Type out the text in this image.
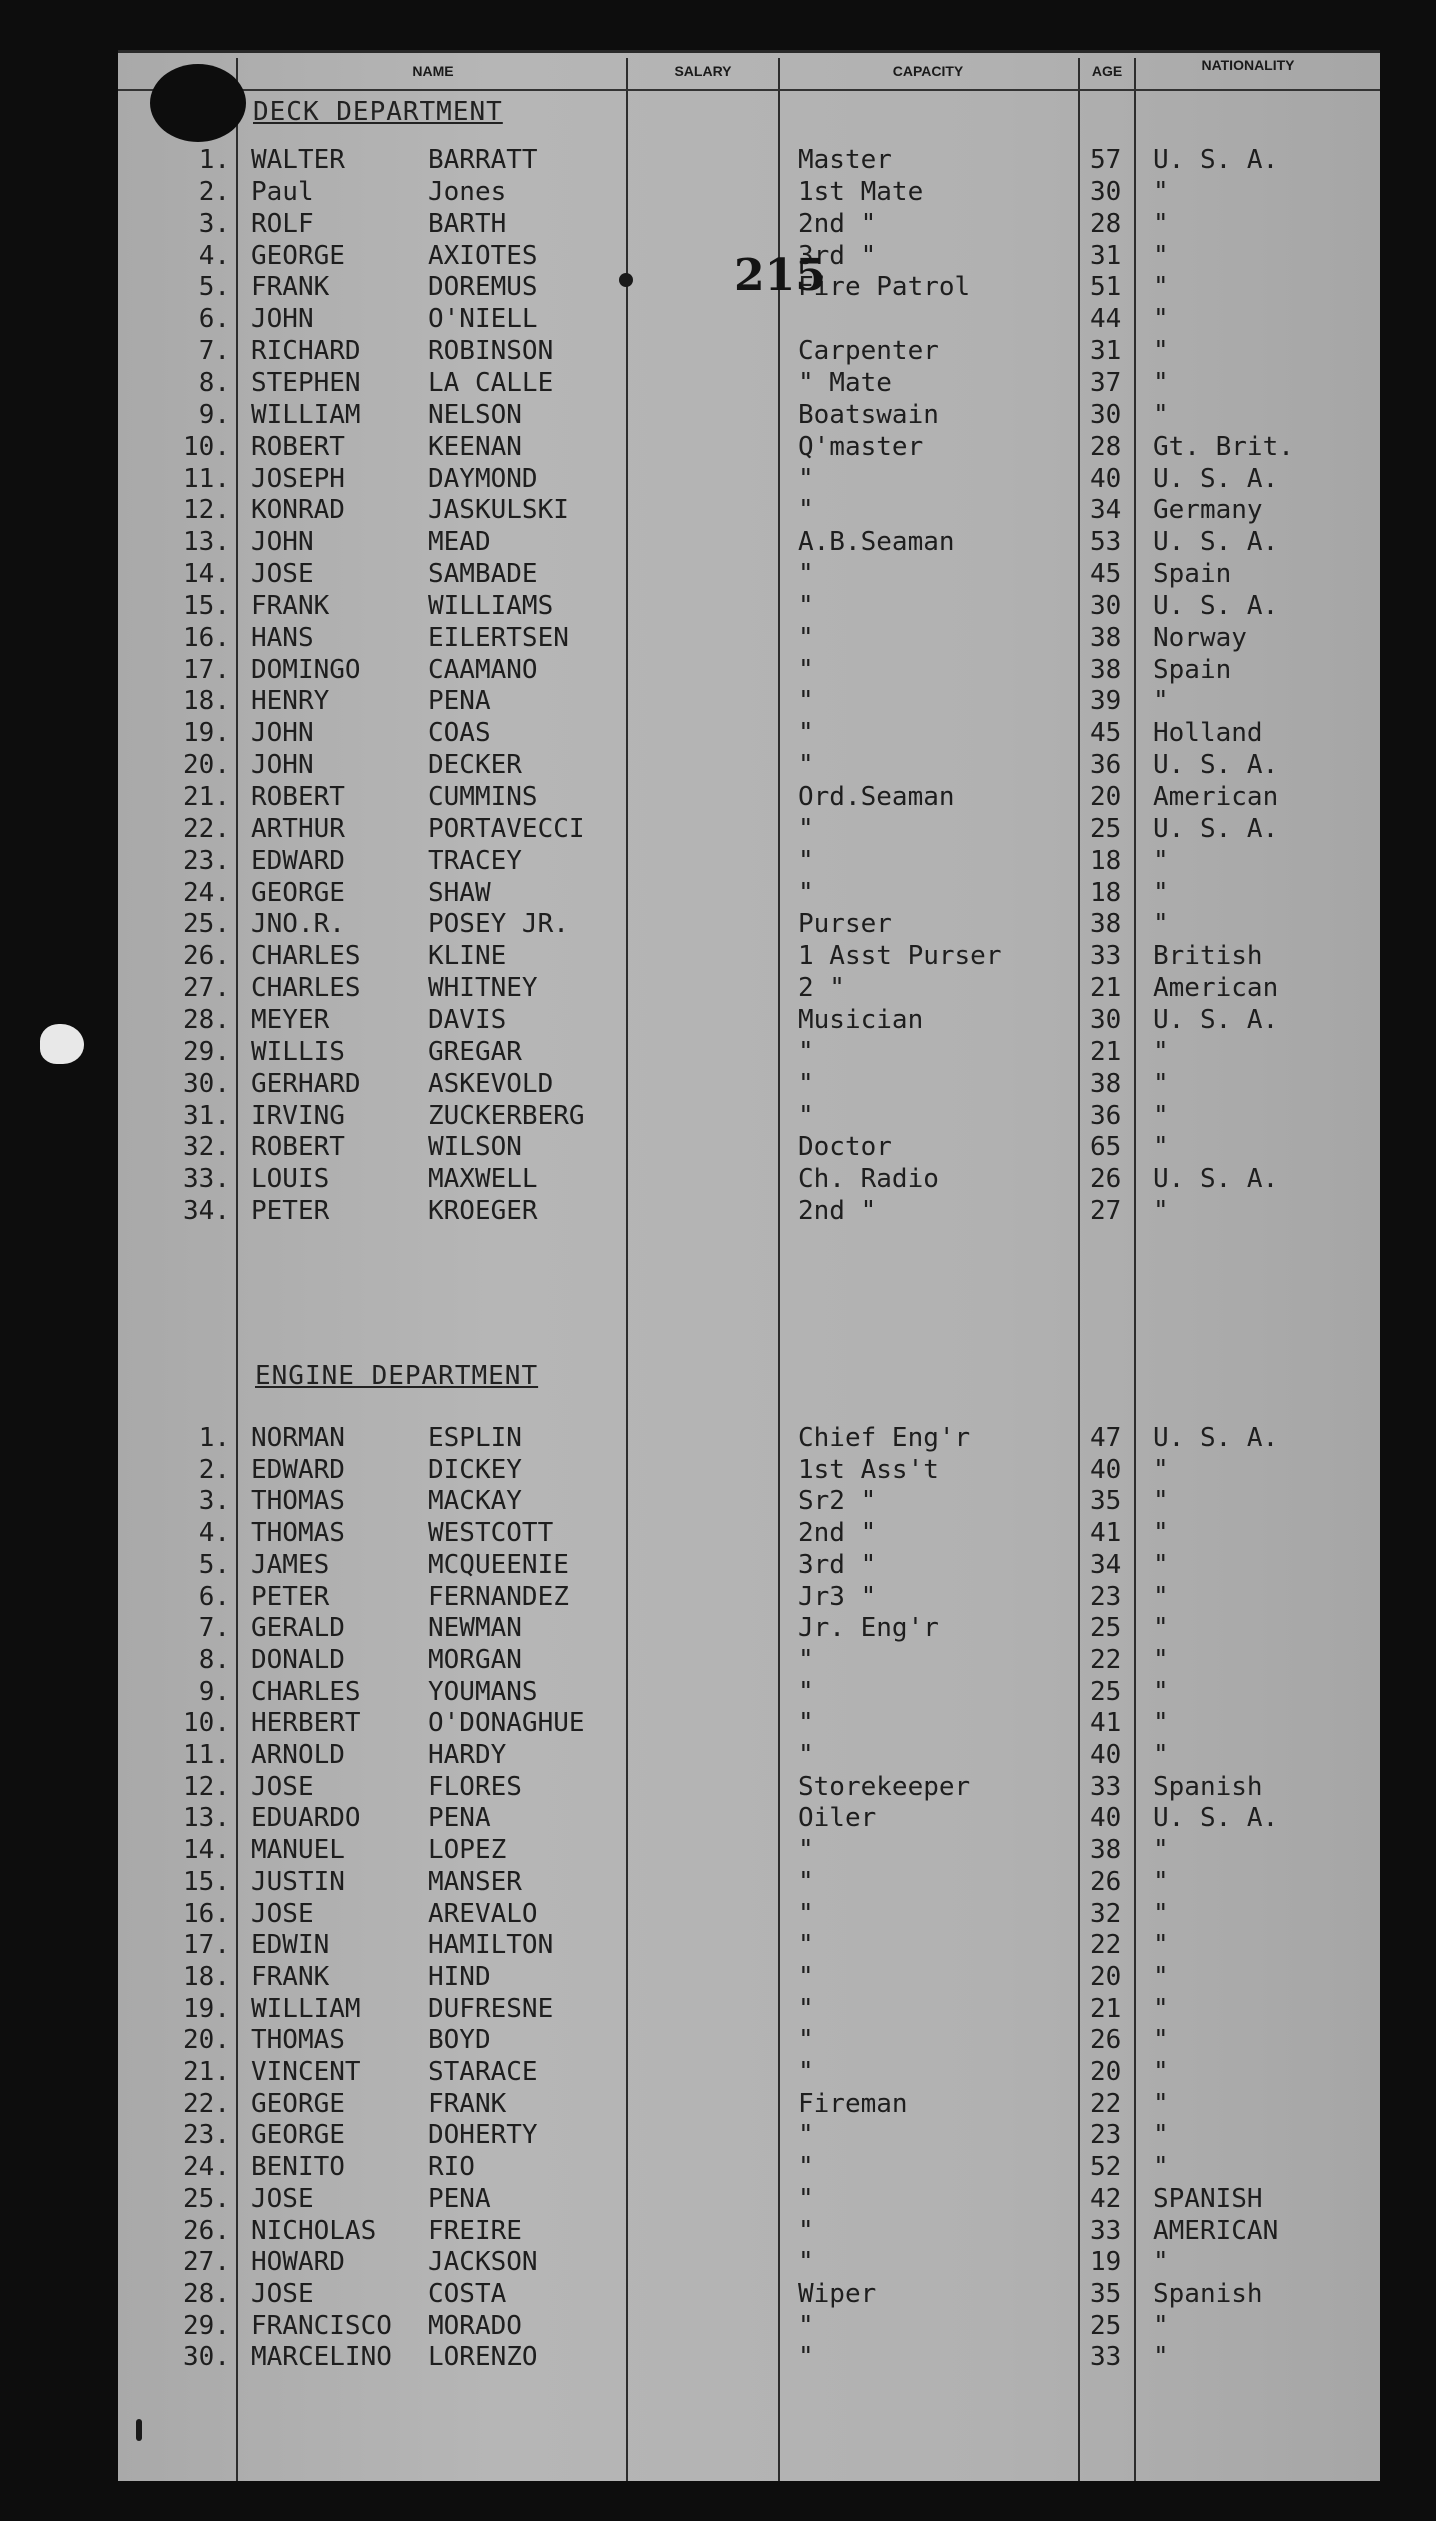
NAME	SALARY	CAPACITY	AGE	NATIONALITY
DECK DEPARTMENT
1. WALTER	BARRATT	Master	57 U. S. A.
2. Paul	Jones	1st Mate	30 "
3. ROLF	BARTH	2nd "	28 "
4. GEORGE	AXIOTES	3rd "	31 "
5. FRANK	DOREMUS	Fire Patrol	51 "
6. JOHN	O'NIELL	44 "
7. RICHARD	ROBINSON	Carpenter	31 "
8. STEPHEN	LA CALLE	" Mate	37 "
9. WILLIAM	NELSON	Boatswain	30 "
10. ROBERT	KEENAN	Q'master	28 Gt. Brit.
11. JOSEPH	DAYMOND	"	40 U. S. A.
12. KONRAD	JASKULSKI	"	34 Germany
13. JOHN	MEAD	A.B.Seaman	53 U. S. A.
14. JOSE	SAMBADE	"	45 Spain
15. FRANK	WILLIAMS	"	30 U. S. A.
16. HANS	EILERTSEN	"	38 Norway
17. DOMINGO	CAAMANO	"	38 Spain
18. HENRY	PENA	"	39 "
19. JOHN	COAS	"	45 Holland
20. JOHN	DECKER	"	36 U. S. A.
21. ROBERT	CUMMINS	Ord.Seaman	20 American
22. ARTHUR	PORTAVECCI	"	25 U. S. A.
23. EDWARD	TRACEY	"	18 "
24. GEORGE	SHAW	"	18 "
25. JNO.R.	POSEY JR.	Purser	38 "
26. CHARLES	KLINE	1 Asst Purser	33 British
27. CHARLES	WHITNEY	2 "	21 American
28. MEYER	DAVIS	Musician	30 U. S. A.
29. WILLIS	GREGAR	"	21 "
30. GERHARD	ASKEVOLD	"	38 "
31. IRVING	ZUCKERBERG	"	36 "
32. ROBERT	WILSON	Doctor	65 "
33. LOUIS	MAXWELL	Ch. Radio	26 U. S. A.
34. PETER	KROEGER	2nd "	27 "
ENGINE DEPARTMENT
1. NORMAN	ESPLIN	Chief Eng'r	47 U. S. A.
2. EDWARD	DICKEY	1st Ass't	40 "
3. THOMAS	MACKAY	Sr2 "	35 "
4. THOMAS	WESTCOTT	2nd "	41 "
5. JAMES	MCQUEENIE	3rd "	34 "
6. PETER	FERNANDEZ	Jr3 "	23 "
7. GERALD	NEWMAN	Jr. Eng'r	25 "
8. DONALD	MORGAN	"	22 "
9. CHARLES	YOUMANS	"	25 "
10. HERBERT	O'DONAGHUE	"	41 "
11. ARNOLD	HARDY	"	40 "
12. JOSE	FLORES	Storekeeper	33 Spanish
13. EDUARDO	PENA	Oiler	40 U. S. A.
14. MANUEL	LOPEZ	"	38 "
15. JUSTIN	MANSER	"	26 "
16. JOSE	AREVALO	"	32 "
17. EDWIN	HAMILTON	"	22 "
18. FRANK	HIND	"	20 "
19. WILLIAM	DUFRESNE	"	21 "
20. THOMAS	BOYD	"	26 "
21. VINCENT	STARACE	"	20 "
22. GEORGE	FRANK	Fireman	22 "
23. GEORGE	DOHERTY	"	23 "
24. BENITO	RIO	"	52 "
25. JOSE	PENA	"	42 SPANISH
26. NICHOLAS FREIRE	"	33 AMERICAN
27. HOWARD	JACKSON	"	19 "
28. JOSE	COSTA	Wiper	35 Spanish
29. FRANCISCO MORADO	"	25 "
30. MARCELINO LORENZO	"	33 "
215
